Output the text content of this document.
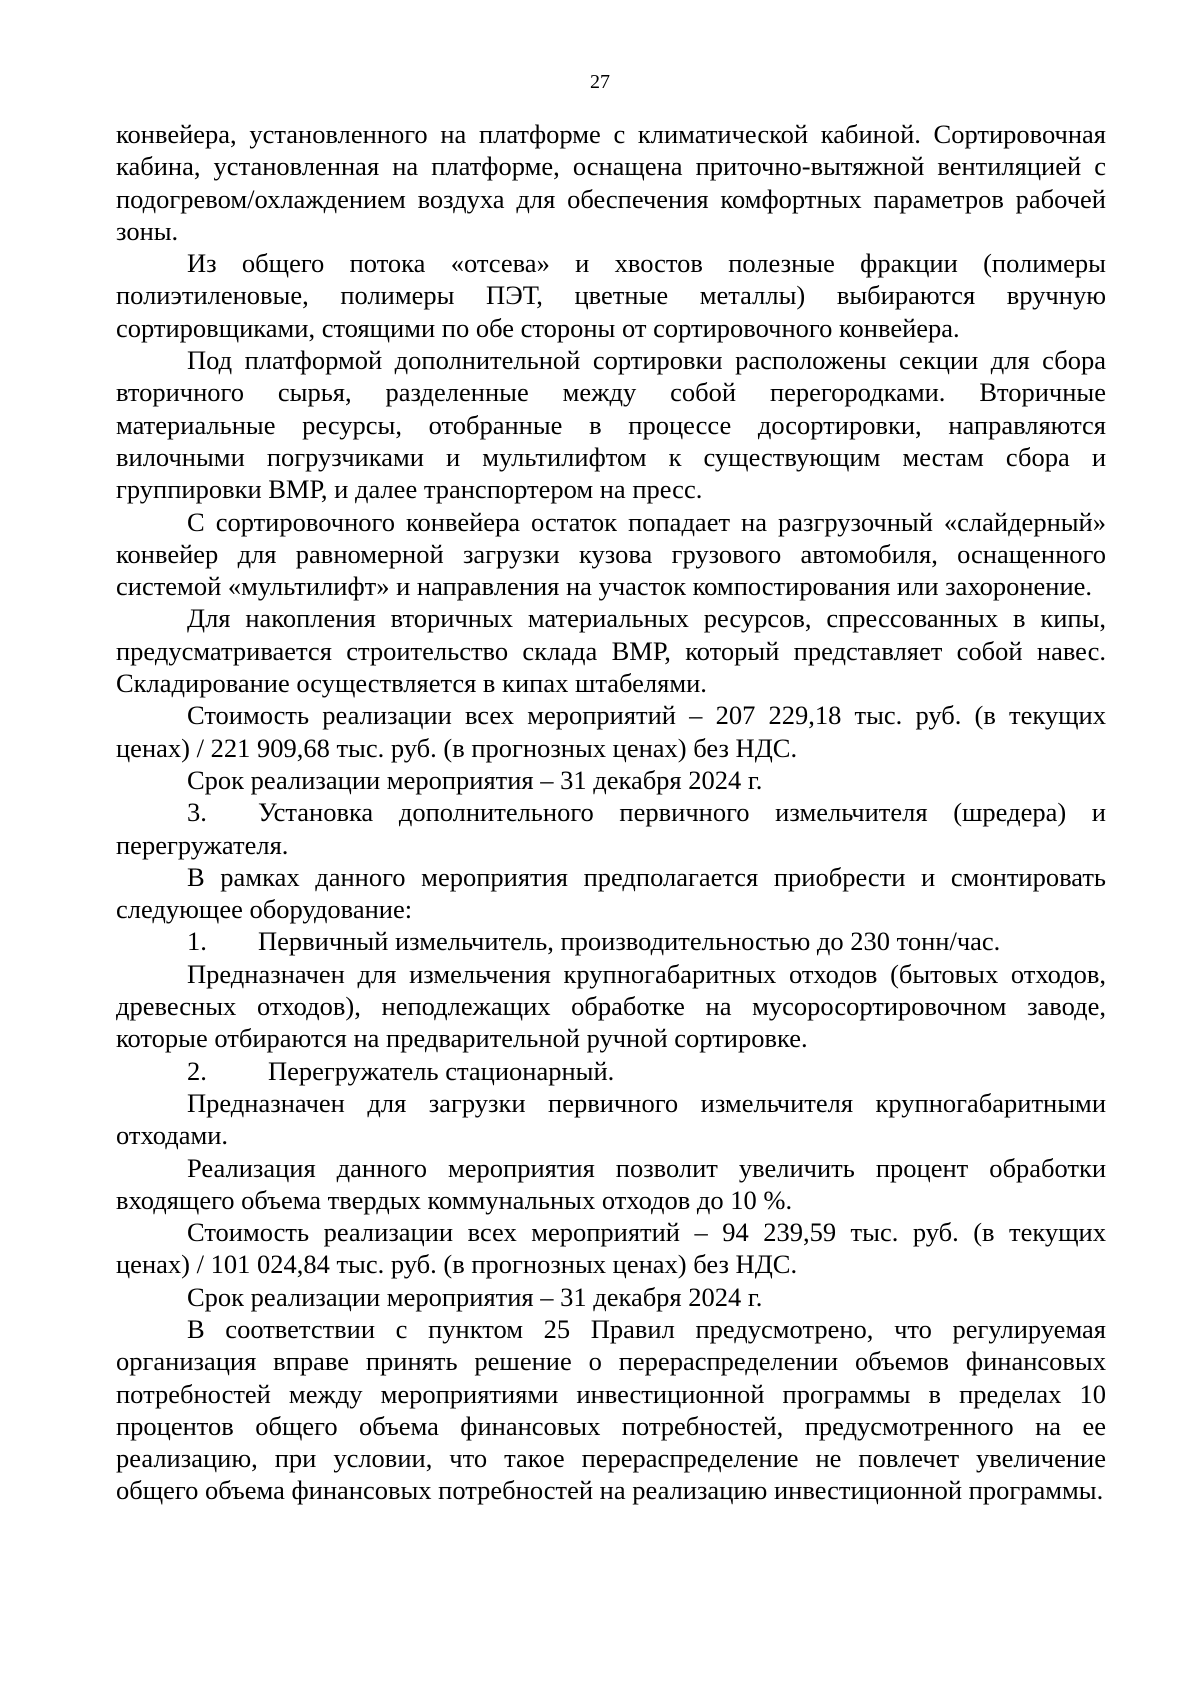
27

конвейера, установленного на платформе с климатической кабиной. Сортировочная кабина, установленная на платформе, оснащена приточно-вытяжной вентиляцией с подогревом/охлаждением воздуха для обеспечения комфортных параметров рабочей зоны.

Из общего потока «отсева» и хвостов полезные фракции (полимеры полиэтиленовые, полимеры ПЭТ, цветные металлы) выбираются вручную сортировщиками, стоящими по обе стороны от сортировочного конвейера.

Под платформой дополнительной сортировки расположены секции для сбора вторичного сырья, разделенные между собой перегородками. Вторичные материальные ресурсы, отобранные в процессе досортировки, направляются вилочными погрузчиками и мультилифтом к существующим местам сбора и группировки ВМР, и далее транспортером на пресс.

С сортировочного конвейера остаток попадает на разгрузочный «слайдерный» конвейер для равномерной загрузки кузова грузового автомобиля, оснащенного системой «мультилифт» и направления на участок компостирования или захоронение.

Для накопления вторичных материальных ресурсов, спрессованных в кипы, предусматривается строительство склада ВМР, который представляет собой навес. Складирование осуществляется в кипах штабелями.

Стоимость реализации всех мероприятий – 207 229,18 тыс. руб. (в текущих ценах) / 221 909,68 тыс. руб. (в прогнозных ценах) без НДС.

Срок реализации мероприятия – 31 декабря 2024 г.

3. Установка дополнительного первичного измельчителя (шредера) и перегружателя.

В рамках данного мероприятия предполагается приобрести и смонтировать следующее оборудование:

1. Первичный измельчитель, производительностью до 230 тонн/час.

Предназначен для измельчения крупногабаритных отходов (бытовых отходов, древесных отходов), неподлежащих обработке на мусоросортировочном заводе, которые отбираются на предварительной ручной сортировке.

2. Перегружатель стационарный.

Предназначен для загрузки первичного измельчителя крупногабаритными отходами.

Реализация данного мероприятия позволит увеличить процент обработки входящего объема твердых коммунальных отходов до 10 %.

Стоимость реализации всех мероприятий – 94 239,59 тыс. руб. (в текущих ценах) / 101 024,84 тыс. руб. (в прогнозных ценах) без НДС.

Срок реализации мероприятия – 31 декабря 2024 г.

В соответствии с пунктом 25 Правил предусмотрено, что регулируемая организация вправе принять решение о перераспределении объемов финансовых потребностей между мероприятиями инвестиционной программы в пределах 10 процентов общего объема финансовых потребностей, предусмотренного на ее реализацию, при условии, что такое перераспределение не повлечет увеличение общего объема финансовых потребностей на реализацию инвестиционной программы.
